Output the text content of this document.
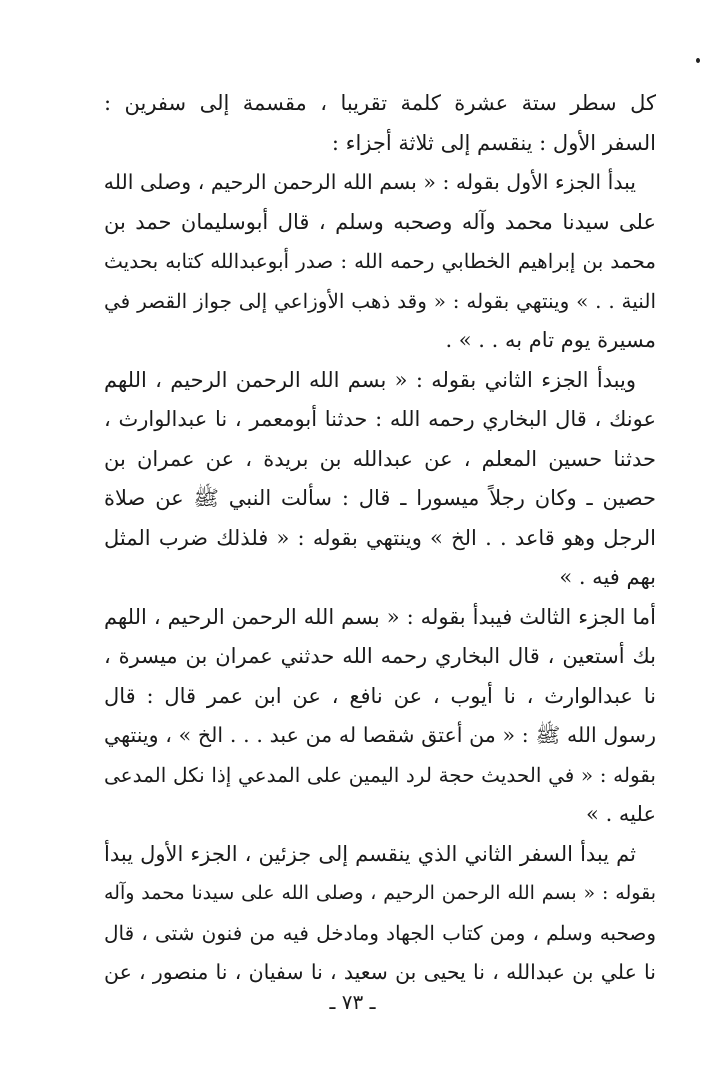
كل سطر ستة عشرة كلمة تقريبا ، مقسمة إلى سفرين :
السفر الأول : ينقسم إلى ثلاثة أجزاء :
يبدأ الجزء الأول بقوله : « بسم الله الرحمن الرحيم ، وصلى الله
على سيدنا محمد وآله وصحبه وسلم ، قال أبوسليمان حمد بن
محمد بن إبراهيم الخطابي رحمه الله : صدر أبوعبدالله كتابه بحديث
النية . . » وينتهي بقوله : « وقد ذهب الأوزاعي إلى جواز القصر في
مسيرة يوم تام به . . » .
ويبدأ الجزء الثاني بقوله : « بسم الله الرحمن الرحيم ، اللهم
عونك ، قال البخاري رحمه الله : حدثنا أبومعمر ، نا عبدالوارث ،
حدثنا حسين المعلم ، عن عبدالله بن بريدة ، عن عمران بن
حصين ـ وكان رجلاً ميسورا ـ قال : سألت النبي ﷺ عن صلاة
الرجل وهو قاعد . . الخ » وينتهي بقوله : « فلذلك ضرب المثل
بهم فيه . »
أما الجزء الثالث فيبدأ بقوله : « بسم الله الرحمن الرحيم ، اللهم
بك أستعين ، قال البخاري رحمه الله حدثني عمران بن ميسرة ،
نا عبدالوارث ، نا أيوب ، عن نافع ، عن ابن عمر قال : قال
رسول الله ﷺ : « من أعتق شقصا له من عبد . . . الخ » ، وينتهي
بقوله : « في الحديث حجة لرد اليمين على المدعي إذا نكل المدعى
عليه . »
ثم يبدأ السفر الثاني الذي ينقسم إلى جزئين ، الجزء الأول يبدأ
بقوله : « بسم الله الرحمن الرحيم ، وصلى الله على سيدنا محمد وآله
وصحبه وسلم ، ومن كتاب الجهاد ومادخل فيه من فنون شتى ، قال
نا علي بن عبدالله ، نا يحيى بن سعيد ، نا سفيان ، نا منصور ، عن
ـ ٧٣ ـ
